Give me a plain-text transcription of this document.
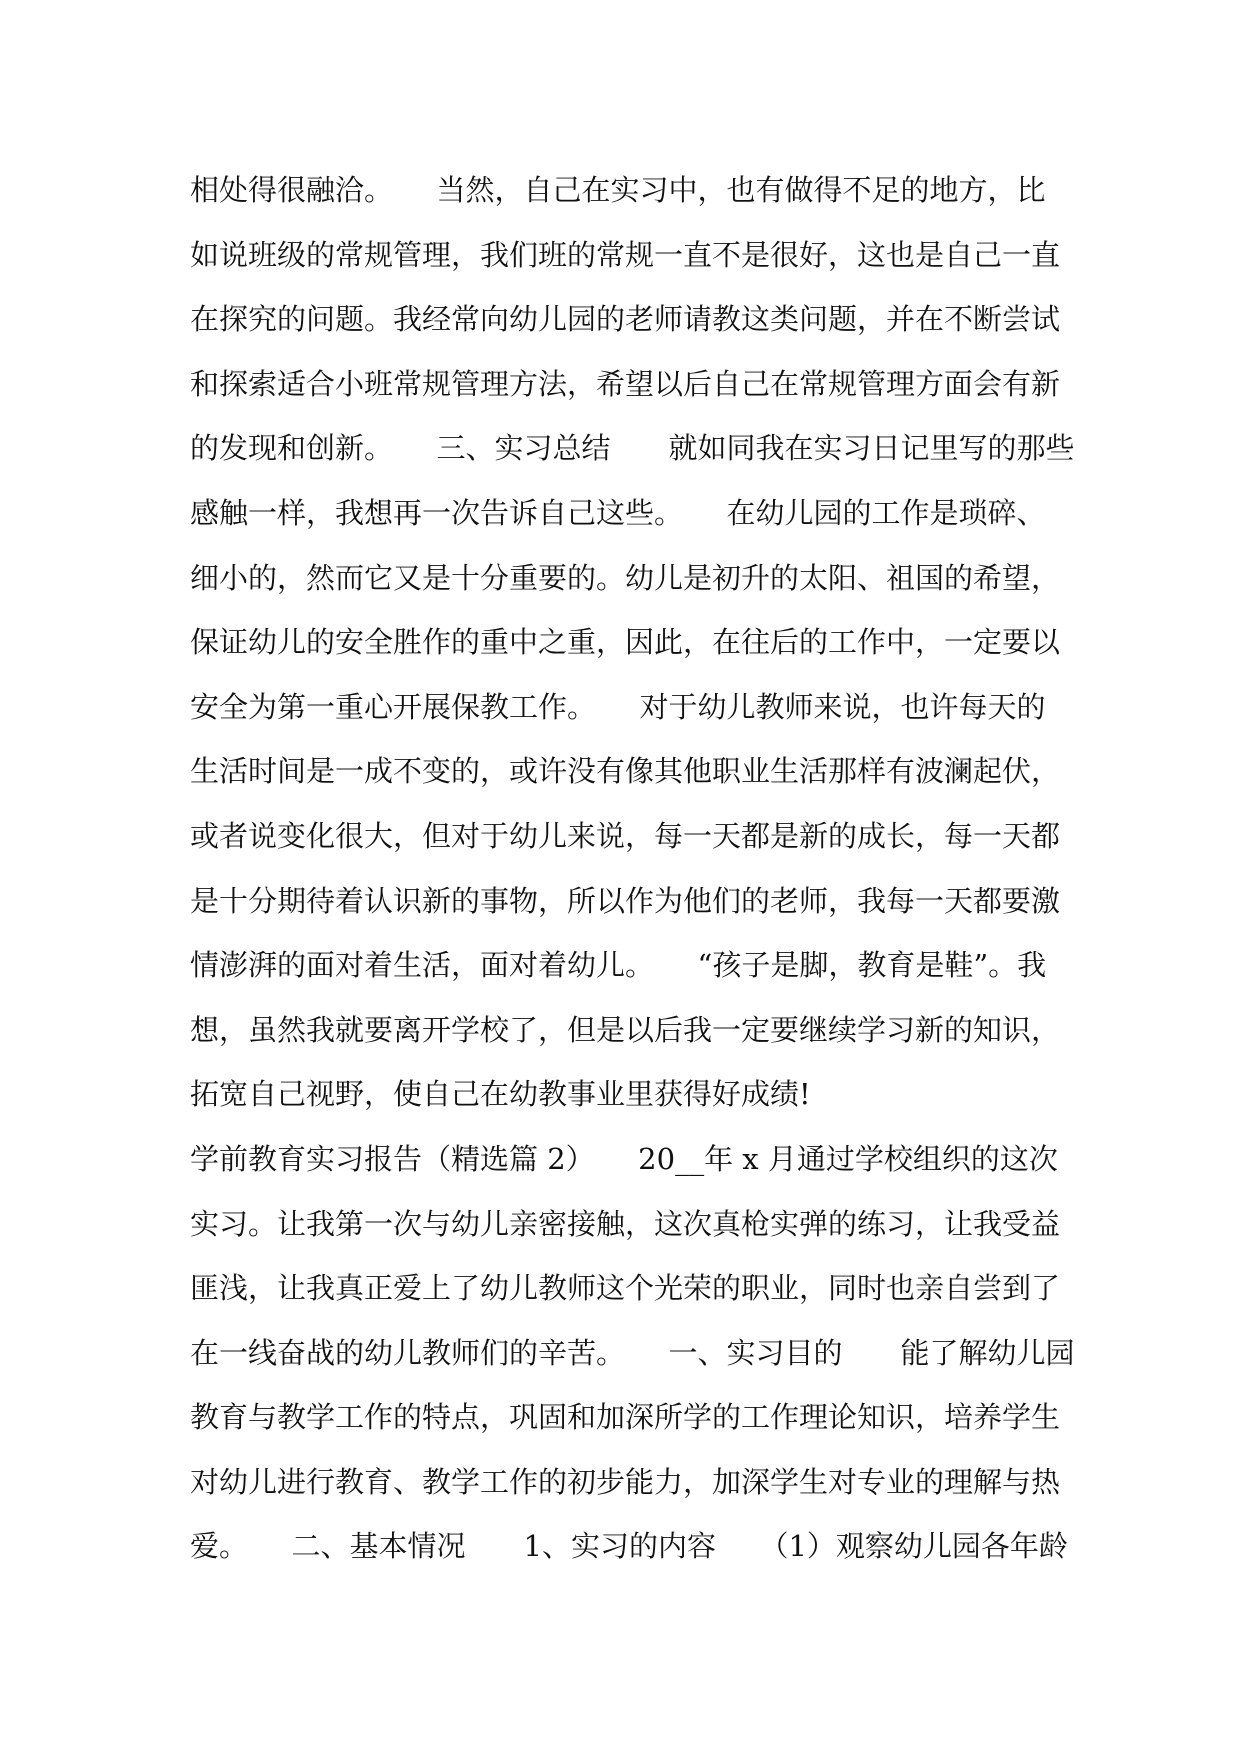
相处得很融洽。　　当然，自己在实习中，也有做得不足的地方，比
如说班级的常规管理，我们班的常规一直不是很好，这也是自己一直
在探究的问题。我经常向幼儿园的老师请教这类问题，并在不断尝试
和探索适合小班常规管理方法，希望以后自己在常规管理方面会有新
的发现和创新。　　三、实习总结　　就如同我在实习日记里写的那些
感触一样，我想再一次告诉自己这些。　　在幼儿园的工作是琐碎、
细小的，然而它又是十分重要的。幼儿是初升的太阳、祖国的希望，
保证幼儿的安全胜作的重中之重，因此，在往后的工作中，一定要以
安全为第一重心开展保教工作。　　对于幼儿教师来说，也许每天的
生活时间是一成不变的，或许没有像其他职业生活那样有波澜起伏，
或者说变化很大，但对于幼儿来说，每一天都是新的成长，每一天都
是十分期待着认识新的事物，所以作为他们的老师，我每一天都要激
情澎湃的面对着生活，面对着幼儿。　　“孩子是脚，教育是鞋”。我
想，虽然我就要离开学校了，但是以后我一定要继续学习新的知识，
拓宽自己视野，使自己在幼教事业里获得好成绩!
学前教育实习报告（精选篇 2）　　20__年 x 月通过学校组织的这次
实习。让我第一次与幼儿亲密接触，这次真枪实弹的练习，让我受益
匪浅，让我真正爱上了幼儿教师这个光荣的职业，同时也亲自尝到了
在一线奋战的幼儿教师们的辛苦。　　一、实习目的　　能了解幼儿园
教育与教学工作的特点，巩固和加深所学的工作理论知识，培养学生
对幼儿进行教育、教学工作的初步能力，加深学生对专业的理解与热
爱。　　二、基本情况　　1、实习的内容　　（1）观察幼儿园各年龄
